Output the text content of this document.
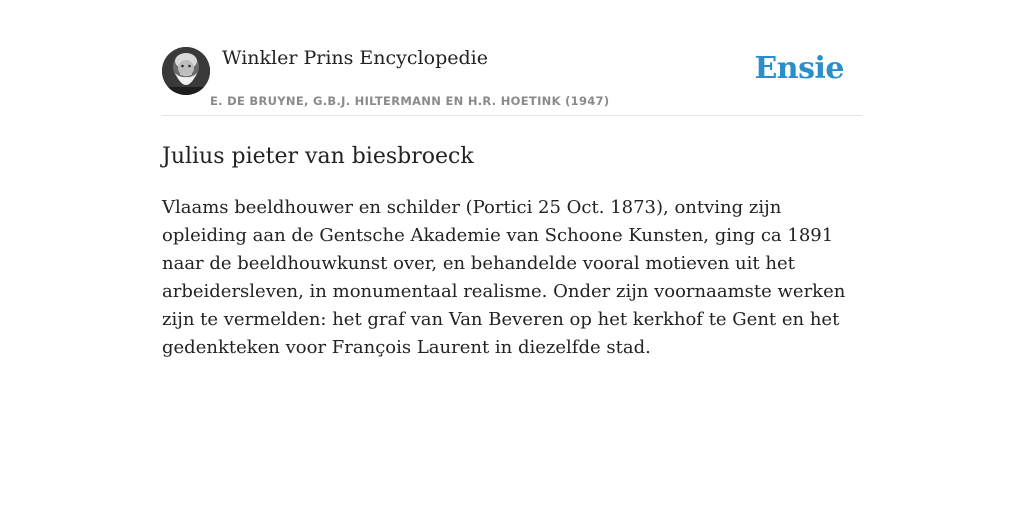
Winkler Prins Encyclopedie
E. DE BRUYNE, G.B.J. HILTERMANN EN H.R. HOETINK (1947)
Ensie
Julius pieter van biesbroeck

Vlaams beeldhouwer en schilder (Portici 25 Oct. 1873), ontving zijn opleiding aan de Gentsche Akademie van Schoone Kunsten, ging ca 1891 naar de beeldhouwkunst over, en behandelde vooral motieven uit het arbeidersleven, in monumentaal realisme. Onder zijn voornaamste werken zijn te vermelden: het graf van Van Beveren op het kerkhof te Gent en het gedenkteken voor François Laurent in diezelfde stad.
